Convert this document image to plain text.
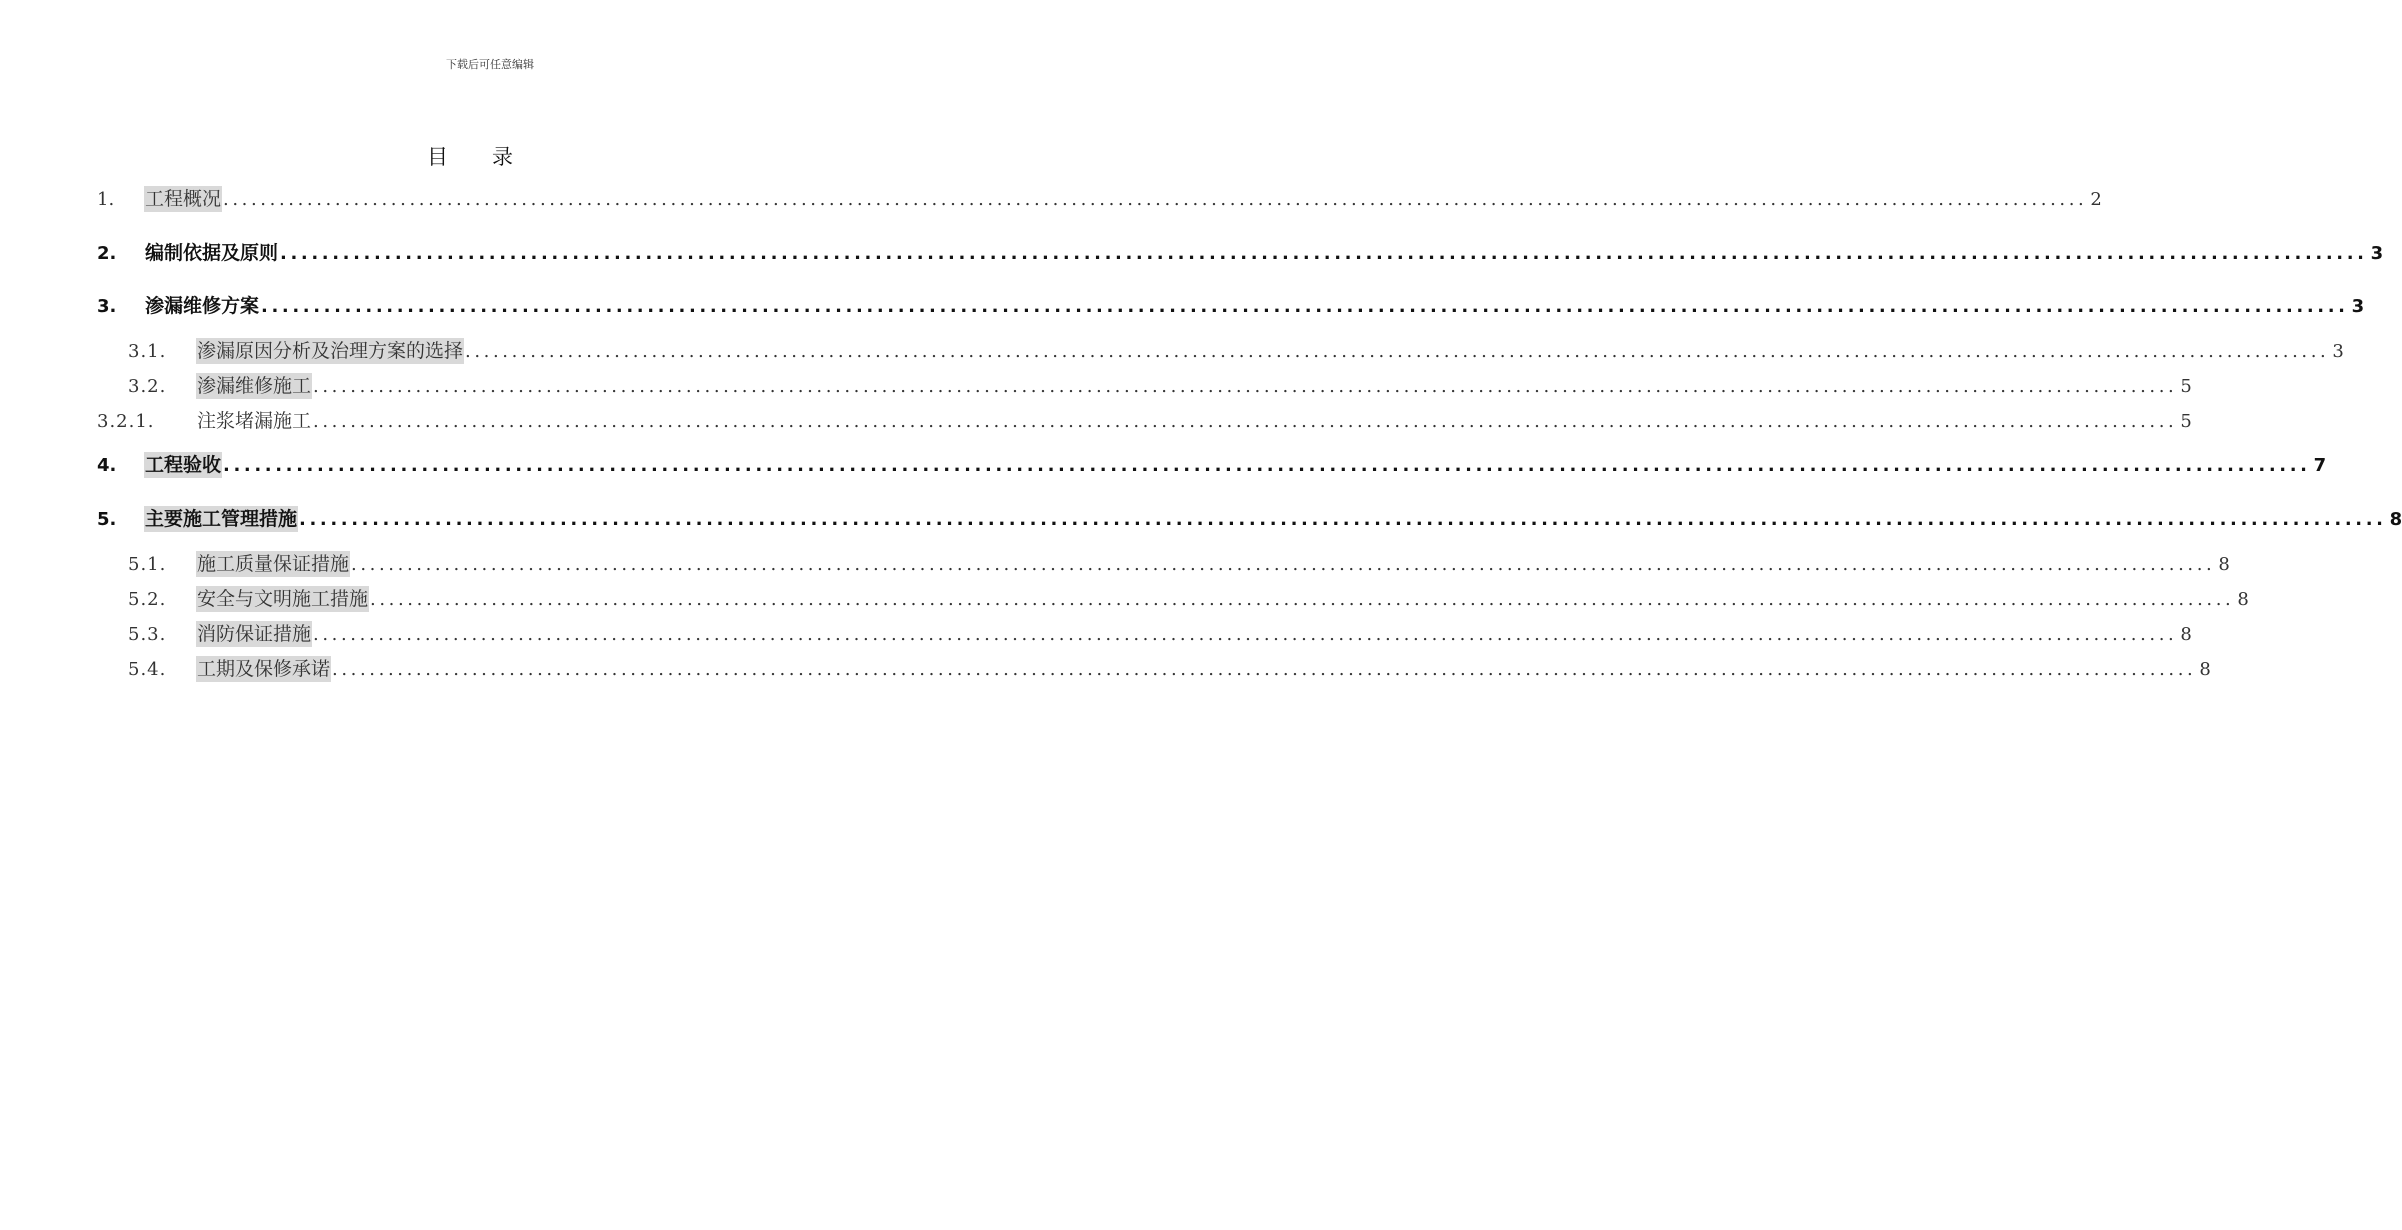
下载后可任意编辑
目录
1.	工程概况 ........................................................................................................................................................................................................ 2
2.	编制依据及原则 ........................................................................................................................................................................................................ 3
3.	渗漏维修方案 ........................................................................................................................................................................................................ 3
3.1.	渗漏原因分析及治理方案的选择 ........................................................................................................................................................................................................ 3
3.2.	渗漏维修施工 ........................................................................................................................................................................................................ 5
3.2.1.	注浆堵漏施工 ........................................................................................................................................................................................................ 5
4.	工程验收 ........................................................................................................................................................................................................ 7
5.	主要施工管理措施 ........................................................................................................................................................................................................ 8
5.1.	施工质量保证措施 ........................................................................................................................................................................................................ 8
5.2.	安全与文明施工措施 ........................................................................................................................................................................................................ 8
5.3.	消防保证措施 ........................................................................................................................................................................................................ 8
5.4.	工期及保修承诺 ........................................................................................................................................................................................................ 8
